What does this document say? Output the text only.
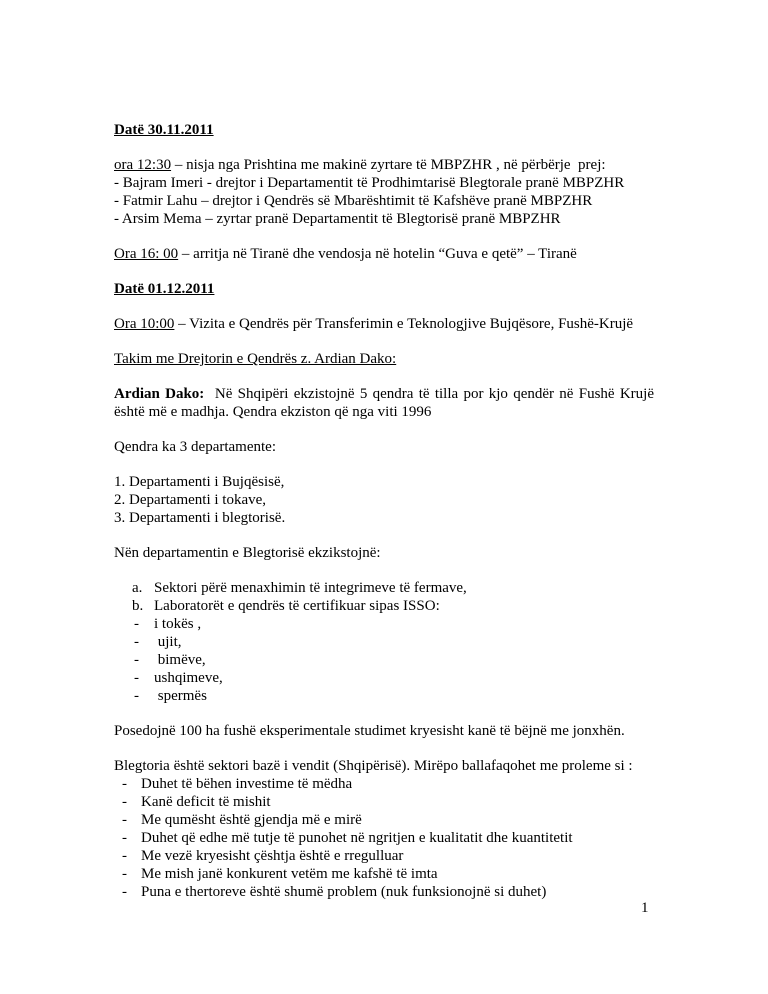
Datë 30.11.2011
ora 12:30 – nisja nga Prishtina me makinë zyrtare të MBPZHR , në përbërje  prej:
- Bajram Imeri - drejtor i Departamentit të Prodhimtarisë Blegtorale pranë MBPZHR
- Fatmir Lahu – drejtor i Qendrës së Mbarështimit të Kafshëve pranë MBPZHR
- Arsim Mema – zyrtar pranë Departamentit të Blegtorisë pranë MBPZHR
Ora 16: 00 – arritja në Tiranë dhe vendosja në hotelin “Guva e qetë” – Tiranë
Datë 01.12.2011
Ora 10:00 – Vizita e Qendrës për Transferimin e Teknologjive Bujqësore, Fushë-Krujë
Takim me Drejtorin e Qendrës z. Ardian Dako:
Ardian Dako: Në Shqipëri ekzistojnë 5 qendra të tilla por kjo qendër në Fushë Krujë
është më e madhja. Qendra ekziston që nga viti 1996
Qendra ka 3 departamente:
1. Departamenti i Bujqësisë,
2. Departamenti i tokave,
3. Departamenti i blegtorisë.
Nën departamentin e Blegtorisë ekzikstojnë:
a. Sektori përë menaxhimin të integrimeve të fermave,
b. Laboratorët e qendrës të certifikuar sipas ISSO:
- i tokës ,
- ujit,
- bimëve,
- ushqimeve,
- spermës
Posedojnë 100 ha fushë eksperimentale studimet kryesisht kanë të bëjnë me jonxhën.
Blegtoria është sektori bazë i vendit (Shqipërisë). Mirëpo ballafaqohet me proleme si :
- Duhet të bëhen investime të mëdha
- Kanë deficit të mishit
- Me qumësht është gjendja më e mirë
- Duhet që edhe më tutje të punohet në ngritjen e kualitatit dhe kuantitetit
- Me vezë kryesisht çështja është e rregulluar
- Me mish janë konkurent vetëm me kafshë të imta
- Puna e thertoreve është shumë problem (nuk funksionojnë si duhet)
1
